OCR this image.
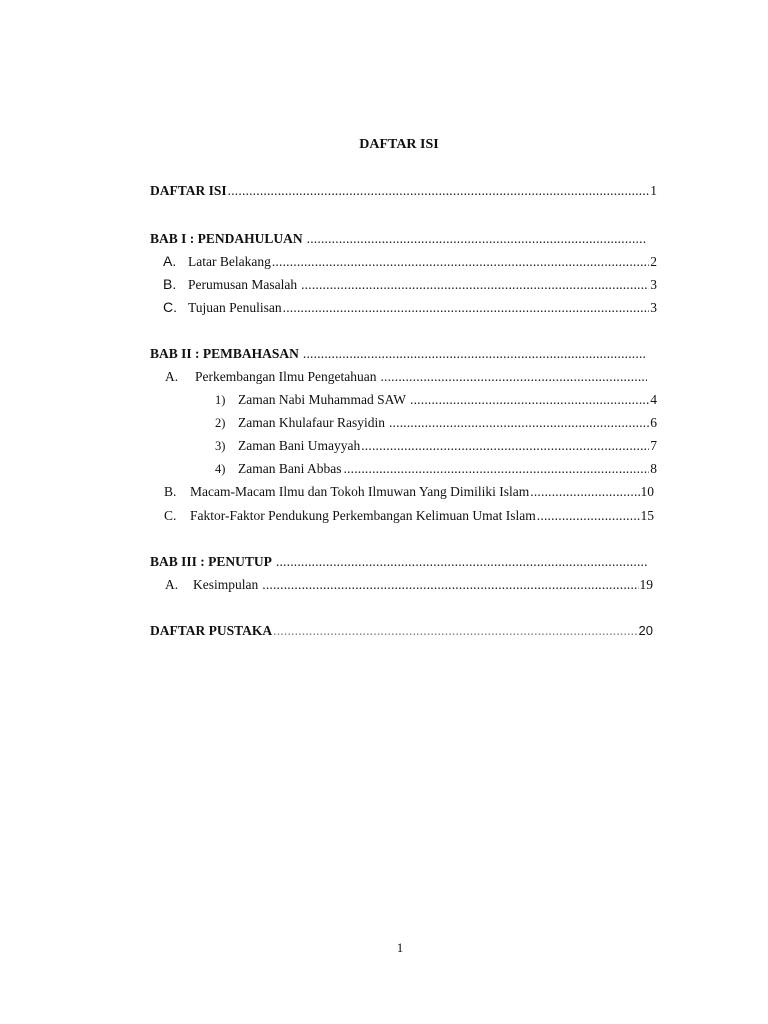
DAFTAR ISI
DAFTAR ISI .....	1
BAB I : PENDAHULUAN
.....
A. Latar Belakang .....	2
B. Perumusan Masalah .....	3
C. Tujuan Penulisan .....	3
BAB II : PEMBAHASAN
.....
A.	Perkembangan Ilmu Pengetahuan
.....
1) Zaman Nabi Muhammad SAW .....	4
2) Zaman Khulafaur Rasyidin .....	6
3) Zaman Bani Umayyah .....	7
4) Zaman Bani Abbas .....	8
B.	Macam-Macam Ilmu dan Tokoh Ilmuwan Yang Dimiliki Islam .....	10
C.	Faktor-Faktor Pendukung Perkembangan Kelimuan Umat Islam .....	15
BAB III : PENUTUP
.....
A.	Kesimpulan .....	19
DAFTAR PUSTAKA .....	20
1
